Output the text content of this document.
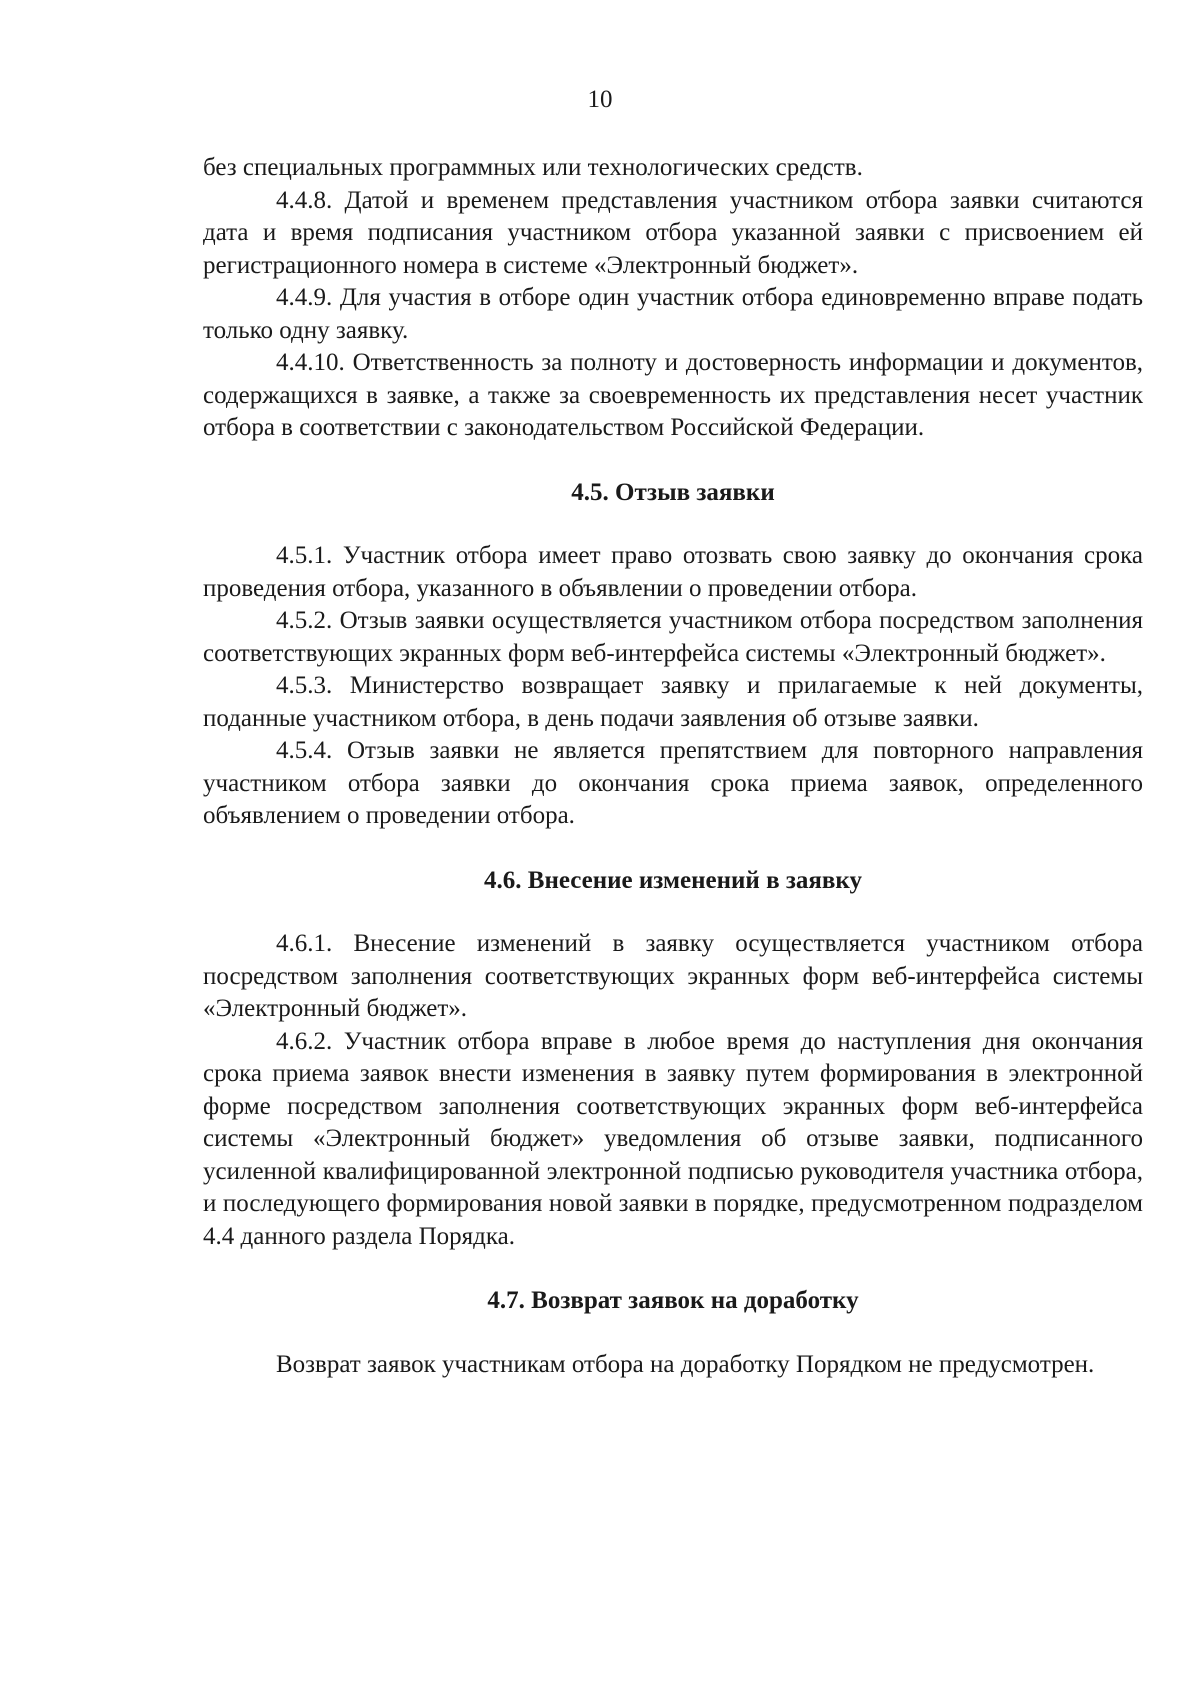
10

без специальных программных или технологических средств.

4.4.8. Датой и временем представления участником отбора заявки считаются дата и время подписания участником отбора указанной заявки с присвоением ей регистрационного номера в системе «Электронный бюджет».

4.4.9. Для участия в отборе один участник отбора единовременно вправе подать только одну заявку.

4.4.10. Ответственность за полноту и достоверность информации и документов, содержащихся в заявке, а также за своевременность их представления несет участник отбора в соответствии с законодательством Российской Федерации.

4.5. Отзыв заявки

4.5.1. Участник отбора имеет право отозвать свою заявку до окончания срока проведения отбора, указанного в объявлении о проведении отбора.

4.5.2. Отзыв заявки осуществляется участником отбора посредством заполнения соответствующих экранных форм веб-интерфейса системы «Электронный бюджет».

4.5.3. Министерство возвращает заявку и прилагаемые к ней документы, поданные участником отбора, в день подачи заявления об отзыве заявки.

4.5.4. Отзыв заявки не является препятствием для повторного направления участником отбора заявки до окончания срока приема заявок, определенного объявлением о проведении отбора.

4.6. Внесение изменений в заявку

4.6.1. Внесение изменений в заявку осуществляется участником отбора посредством заполнения соответствующих экранных форм веб-интерфейса системы «Электронный бюджет».

4.6.2. Участник отбора вправе в любое время до наступления дня окончания срока приема заявок внести изменения в заявку путем формирования в электронной форме посредством заполнения соответствующих экранных форм веб-интерфейса системы «Электронный бюджет» уведомления об отзыве заявки, подписанного усиленной квалифицированной электронной подписью руководителя участника отбора, и последующего формирования новой заявки в порядке, предусмотренном подразделом 4.4 данного раздела Порядка.

4.7. Возврат заявок на доработку

Возврат заявок участникам отбора на доработку Порядком не предусмотрен.
